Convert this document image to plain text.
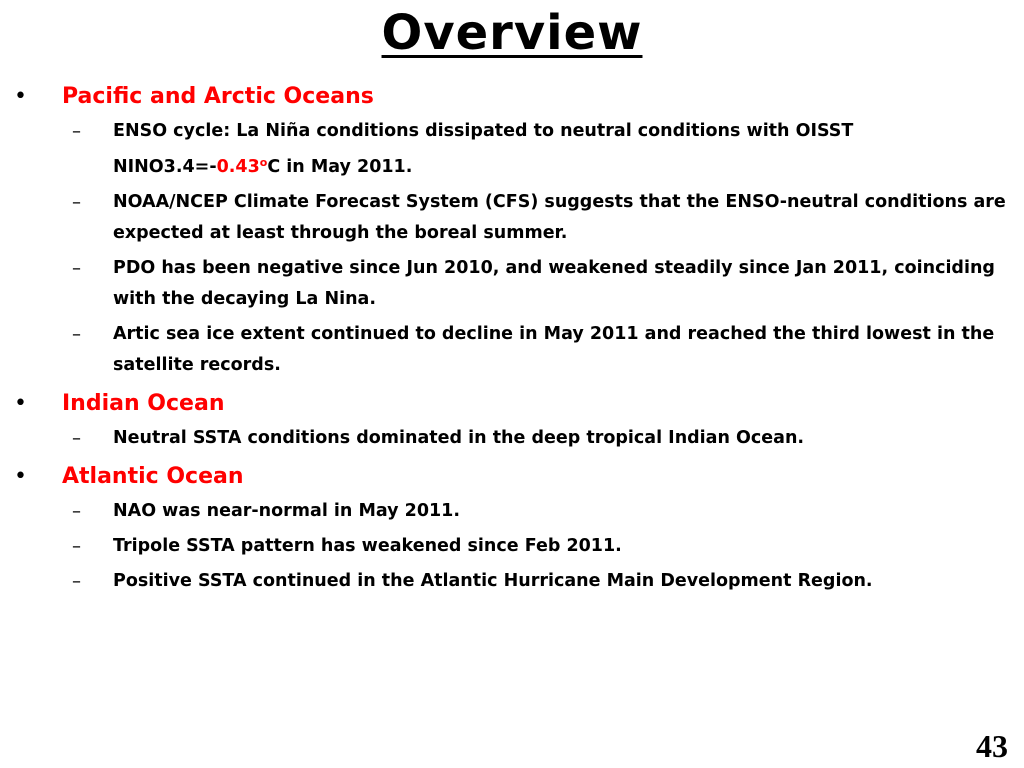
Overview
• Pacific and Arctic Oceans
– ENSO cycle: La Niña conditions dissipated to neutral conditions with OISST $NINO3.4=-0.43^oC$ in May 2011.
– NOAA/NCEP Climate Forecast System (CFS) suggests that the ENSO-neutral conditions are expected at least through the boreal summer.
– PDO has been negative since Jun 2010, and weakened steadily since Jan 2011, coinciding with the decaying La Nina.
– Artic sea ice extent continued to decline in May 2011 and reached the third lowest in the satellite records.
• Indian Ocean
– Neutral SSTA conditions dominated in the deep tropical Indian Ocean.
• Atlantic Ocean
– NAO was near-normal in May 2011.
– Tripole SSTA pattern has weakened since Feb 2011.
– Positive SSTA continued in the Atlantic Hurricane Main Development Region.
43
